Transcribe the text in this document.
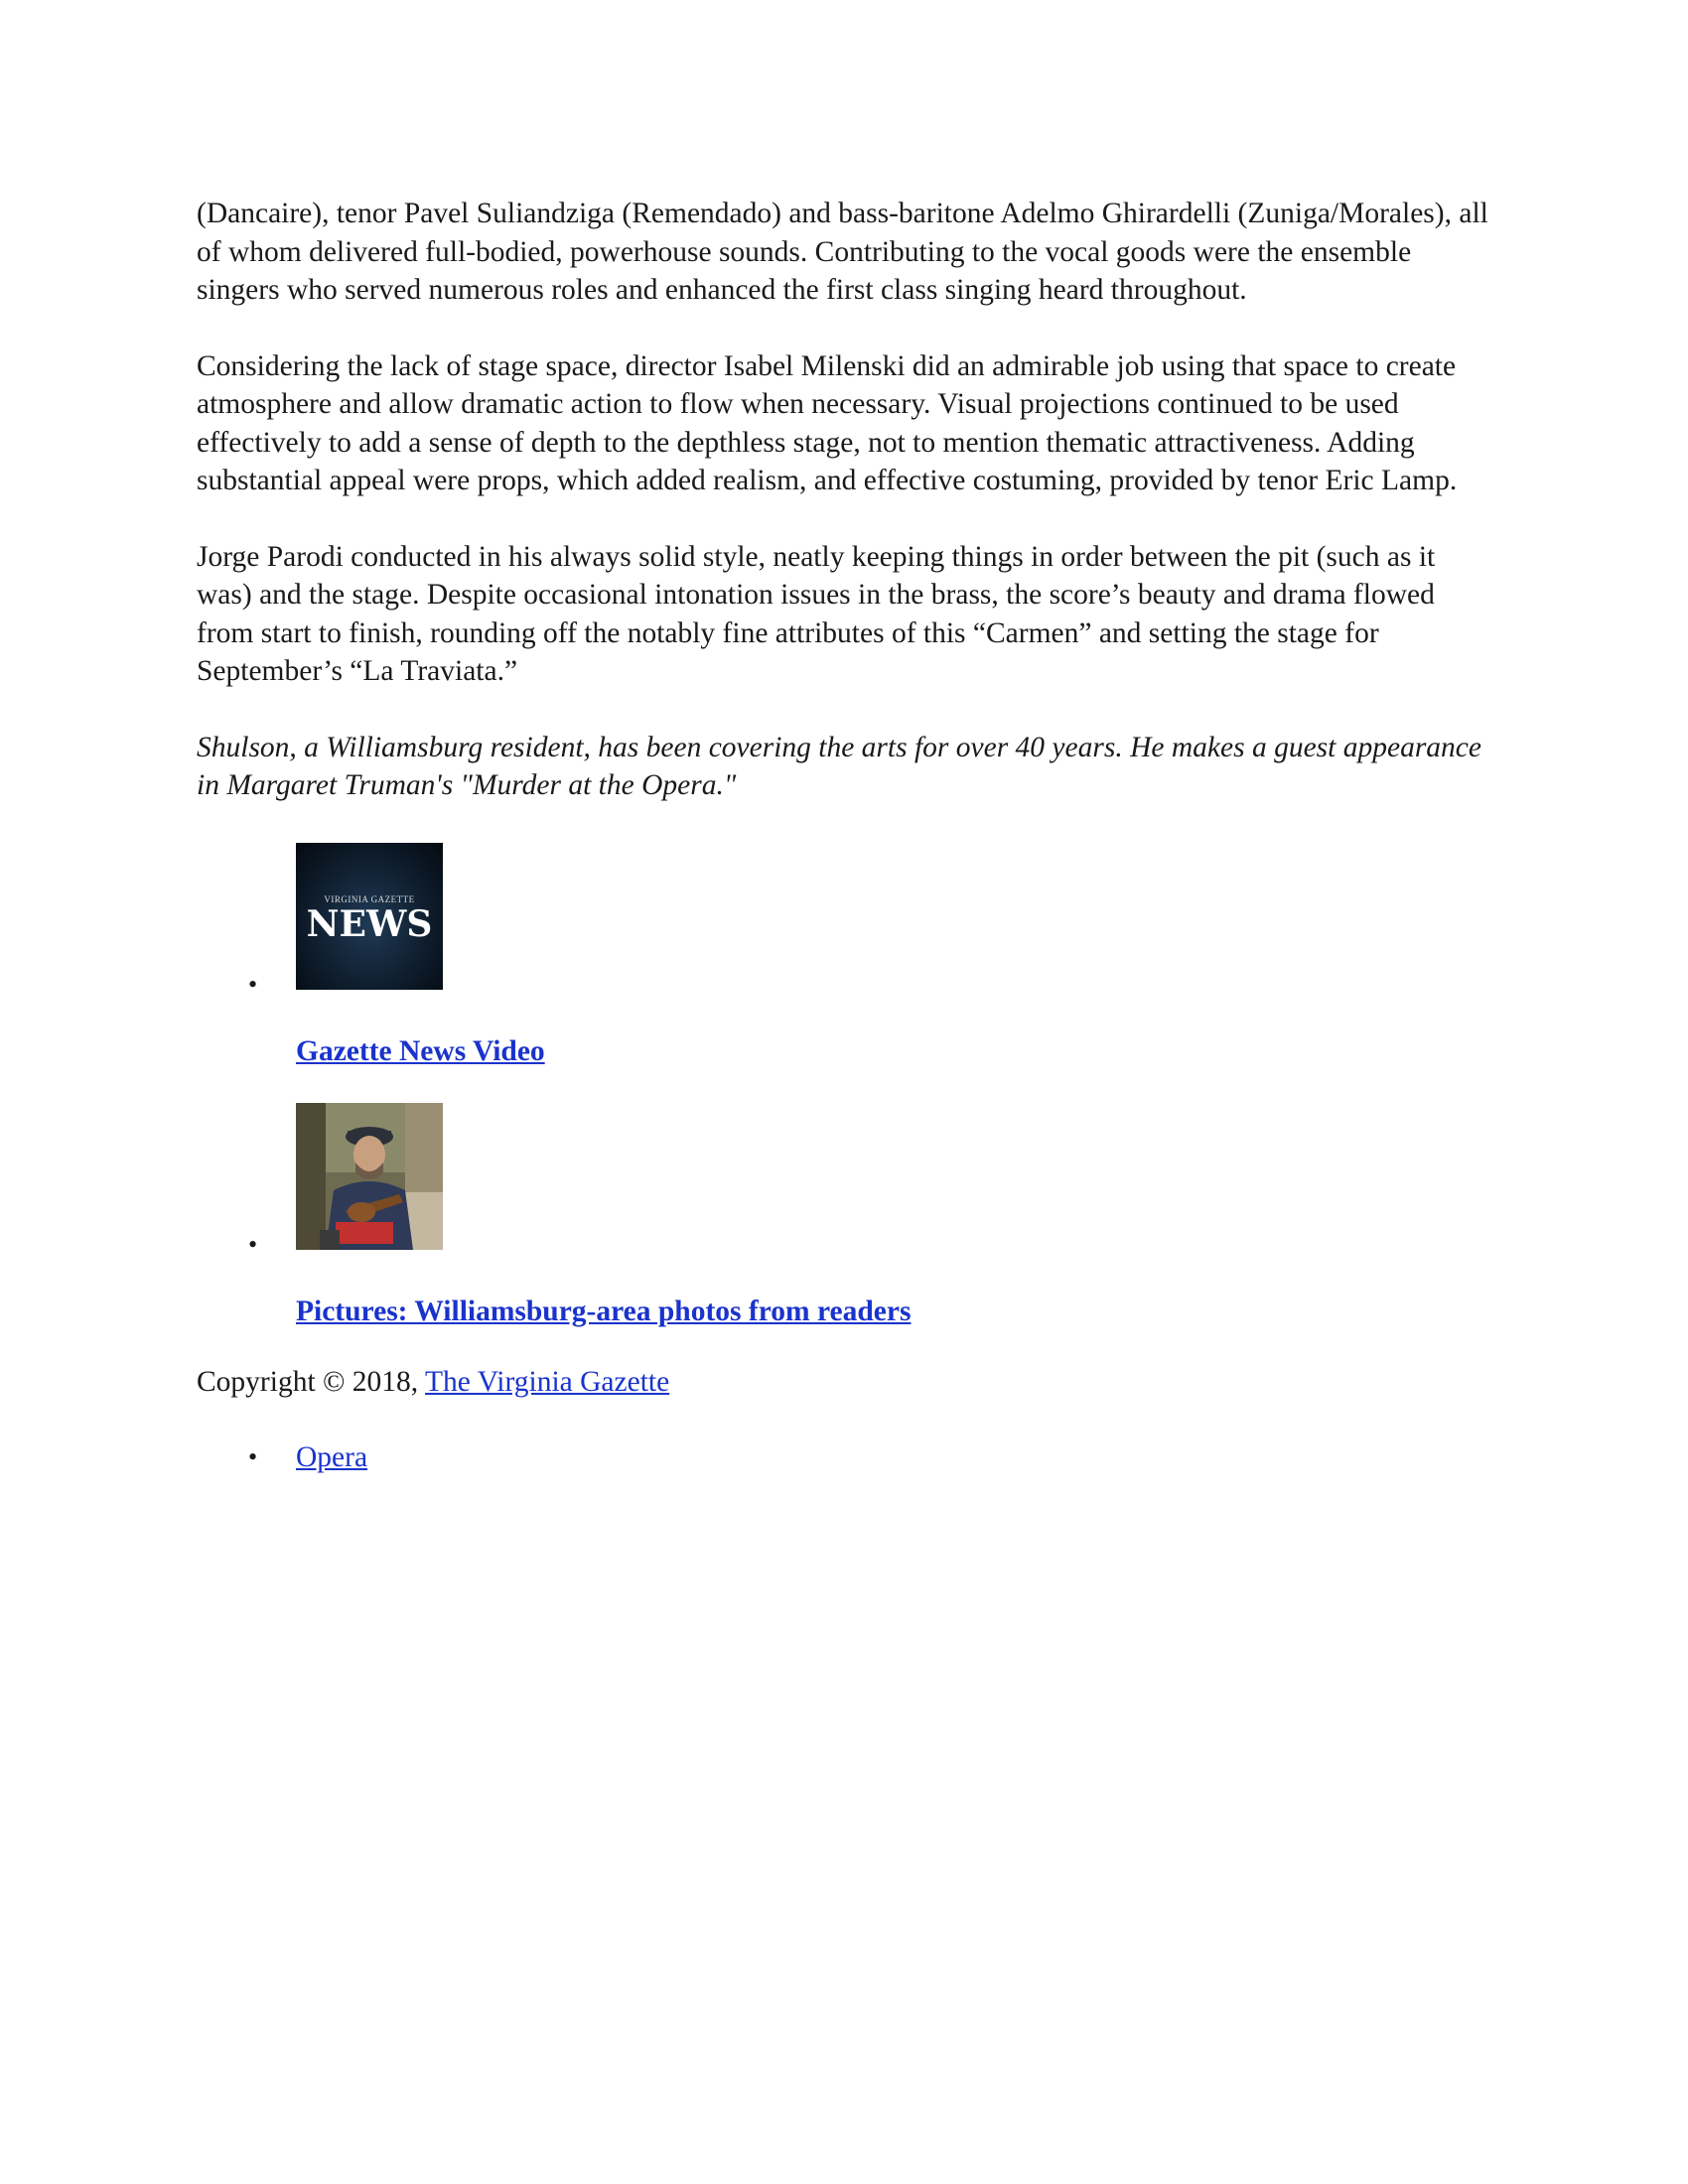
(Dancaire), tenor Pavel Suliandziga (Remendado) and bass-baritone Adelmo Ghirardelli (Zuniga/Morales), all of whom delivered full-bodied, powerhouse sounds. Contributing to the vocal goods were the ensemble singers who served numerous roles and enhanced the first class singing heard throughout.

Considering the lack of stage space, director Isabel Milenski did an admirable job using that space to create atmosphere and allow dramatic action to flow when necessary. Visual projections continued to be used effectively to add a sense of depth to the depthless stage, not to mention thematic attractiveness. Adding substantial appeal were props, which added realism, and effective costuming, provided by tenor Eric Lamp.

Jorge Parodi conducted in his always solid style, neatly keeping things in order between the pit (such as it was) and the stage. Despite occasional intonation issues in the brass, the score’s beauty and drama flowed from start to finish, rounding off the notably fine attributes of this “Carmen” and setting the stage for September’s “La Traviata.”

Shulson, a Williamsburg resident, has been covering the arts for over 40 years. He makes a guest appearance in Margaret Truman's "Murder at the Opera."

VIRGINIA GAZETTE
NEWS
•
Gazette News Video
•
Pictures: Williamsburg-area photos from readers

Copyright © 2018, The Virginia Gazette

• Opera
